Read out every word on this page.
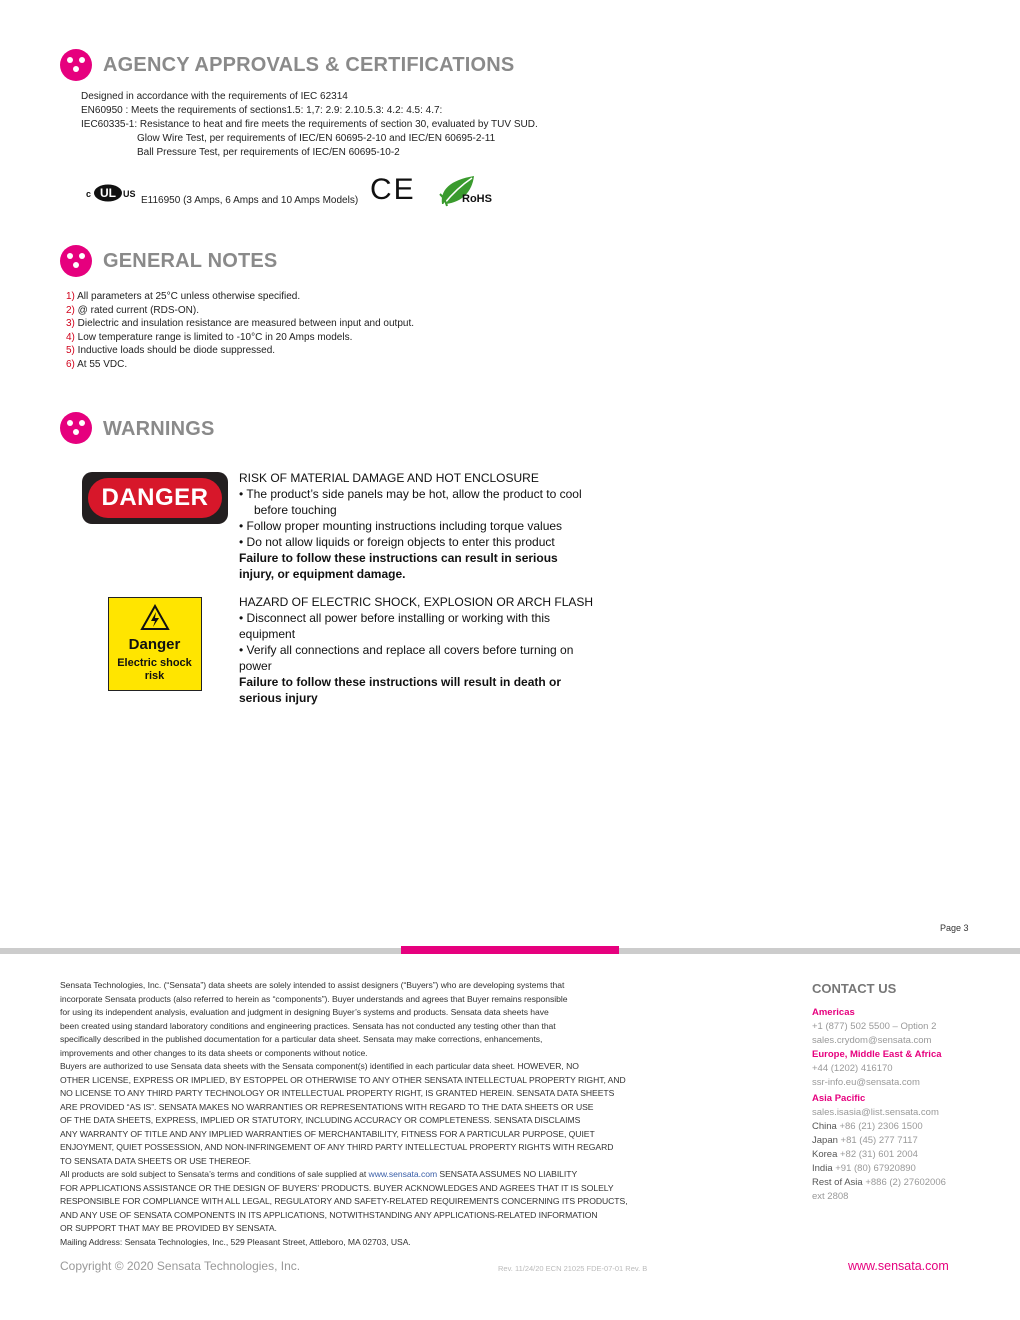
AGENCY APPROVALS & CERTIFICATIONS
Designed in accordance with the requirements of IEC 62314
EN60950 : Meets the requirements of sections1.5: 1,7: 2.9: 2.10.5.3: 4.2: 4.5: 4.7:
IEC60335-1: Resistance to heat and fire meets the requirements of section 30, evaluated by TUV SUD.
Glow Wire Test, per requirements of IEC/EN 60695-2-10 and IEC/EN 60695-2-11
Ball Pressure Test, per requirements of IEC/EN 60695-10-2
c UL US
E116950 (3 Amps, 6 Amps and 10 Amps Models) CE	RoHS
GENERAL NOTES
1) All parameters at 25°C unless otherwise specified.
2) @ rated current (RDS-ON).
3) Dielectric and insulation resistance are measured between input and output.
4) Low temperature range is limited to -10°C in 20 Amps models.
5) Inductive loads should be diode suppressed.
6) At 55 VDC.
WARNINGS
DANGER
RISK OF MATERIAL DAMAGE AND HOT ENCLOSURE
• The product’s side panels may be hot, allow the product to cool
before touching
• Follow proper mounting instructions including torque values
• Do not allow liquids or foreign objects to enter this product
Failure to follow these instructions can result in serious
injury, or equipment damage.
Danger
Electric shock
risk
HAZARD OF ELECTRIC SHOCK, EXPLOSION OR ARCH FLASH
• Disconnect all power before installing or working with this
equipment
• Verify all connections and replace all covers before turning on
power
Failure to follow these instructions will result in death or
serious injury
Page 3
Sensata Technologies, Inc. (“Sensata”) data sheets are solely intended to assist designers (“Buyers”) who are developing systems that
incorporate Sensata products (also referred to herein as “components”). Buyer understands and agrees that Buyer remains responsible
for using its independent analysis, evaluation and judgment in designing Buyer’s systems and products. Sensata data sheets have
been created using standard laboratory conditions and engineering practices. Sensata has not conducted any testing other than that
specifically described in the published documentation for a particular data sheet. Sensata may make corrections, enhancements,
improvements and other changes to its data sheets or components without notice.
Buyers are authorized to use Sensata data sheets with the Sensata component(s) identified in each particular data sheet. HOWEVER, NO
OTHER LICENSE, EXPRESS OR IMPLIED, BY ESTOPPEL OR OTHERWISE TO ANY OTHER SENSATA INTELLECTUAL PROPERTY RIGHT, AND
NO LICENSE TO ANY THIRD PARTY TECHNOLOGY OR INTELLECTUAL PROPERTY RIGHT, IS GRANTED HEREIN. SENSATA DATA SHEETS
ARE PROVIDED “AS IS”. SENSATA MAKES NO WARRANTIES OR REPRESENTATIONS WITH REGARD TO THE DATA SHEETS OR USE
OF THE DATA SHEETS, EXPRESS, IMPLIED OR STATUTORY, INCLUDING ACCURACY OR COMPLETENESS. SENSATA DISCLAIMS
ANY WARRANTY OF TITLE AND ANY IMPLIED WARRANTIES OF MERCHANTABILITY, FITNESS FOR A PARTICULAR PURPOSE, QUIET
ENJOYMENT, QUIET POSSESSION, AND NON-INFRINGEMENT OF ANY THIRD PARTY INTELLECTUAL PROPERTY RIGHTS WITH REGARD
TO SENSATA DATA SHEETS OR USE THEREOF.
All products are sold subject to Sensata’s terms and conditions of sale supplied at www.sensata.com SENSATA ASSUMES NO LIABILITY
FOR APPLICATIONS ASSISTANCE OR THE DESIGN OF BUYERS’ PRODUCTS. BUYER ACKNOWLEDGES AND AGREES THAT IT IS SOLELY
RESPONSIBLE FOR COMPLIANCE WITH ALL LEGAL, REGULATORY AND SAFETY-RELATED REQUIREMENTS CONCERNING ITS PRODUCTS,
AND ANY USE OF SENSATA COMPONENTS IN ITS APPLICATIONS, NOTWITHSTANDING ANY APPLICATIONS-RELATED INFORMATION
OR SUPPORT THAT MAY BE PROVIDED BY SENSATA.
Mailing Address: Sensata Technologies, Inc., 529 Pleasant Street, Attleboro, MA 02703, USA.
CONTACT US
Americas
+1 (877) 502 5500 – Option 2
sales.crydom@sensata.com
Europe, Middle East & Africa
+44 (1202) 416170
ssr-info.eu@sensata.com
Asia Pacific
sales.isasia@list.sensata.com
China +86 (21) 2306 1500
Japan +81 (45) 277 7117
Korea +82 (31) 601 2004
India +91 (80) 67920890
Rest of Asia +886 (2) 27602006
ext 2808
Copyright © 2020 Sensata Technologies, Inc.	Rev. 11/24/20 ECN 21025 FDE-07-01 Rev. B	www.sensata.com
